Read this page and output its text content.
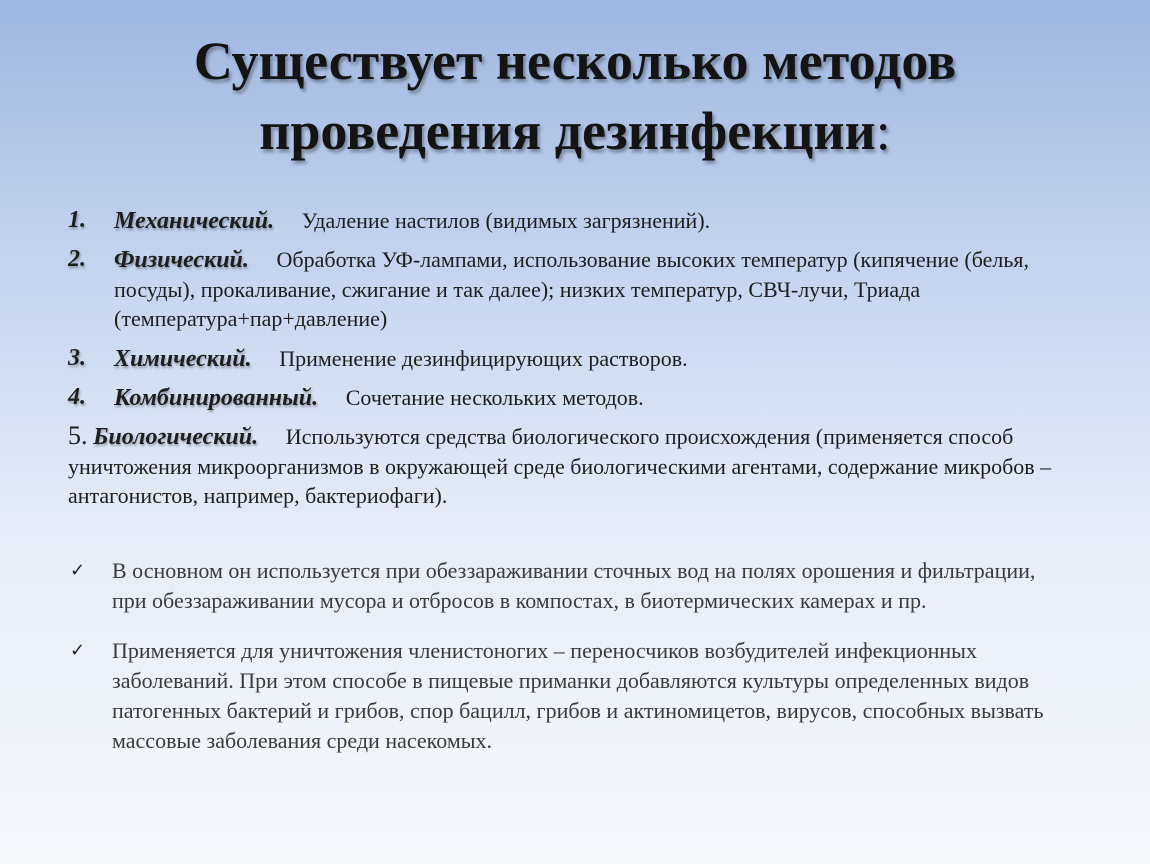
Существует несколько методов
проведения дезинфекции:
1. Механический. Удаление настилов (видимых загрязнений).
2. Физический. Обработка УФ-лампами, использование высоких температур (кипячение (белья, посуды), прокаливание, сжигание и так далее); низких температур, СВЧ-лучи, Триада (температура+пар+давление)
3. Химический. Применение дезинфицирующих растворов.
4. Комбинированный. Сочетание нескольких методов.
5. Биологический. Используются средства биологического происхождения (применяется способ уничтожения микроорганизмов в окружающей среде биологическими агентами, содержание микробов – антагонистов, например, бактериофаги).
✓ В основном он используется при обеззараживании сточных вод на полях орошения и фильтрации, при обеззараживании мусора и отбросов в компостах, в биотермических камерах и пр.
✓ Применяется для уничтожения членистоногих – переносчиков возбудителей инфекционных заболеваний. При этом способе в пищевые приманки добавляются культуры определенных видов патогенных бактерий и грибов, спор бацилл, грибов и актиномицетов, вирусов, способных вызвать массовые заболевания среди насекомых.
